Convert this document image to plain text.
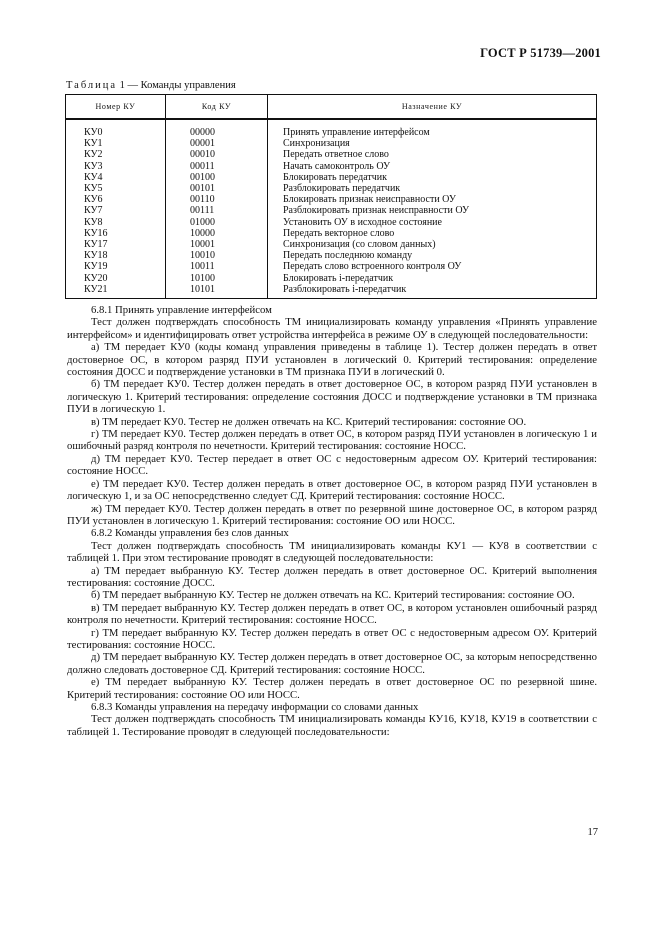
ГОСТ Р 51739—2001
Таблица 1 — Команды управления
Номер КУ	Код КУ	Назначение КУ
КУ0	00000	Принять управление интерфейсом
КУ1	00001	Синхронизация
КУ2	00010	Передать ответное слово
КУ3	00011	Начать самоконтроль ОУ
КУ4	00100	Блокировать передатчик
КУ5	00101	Разблокировать передатчик
КУ6	00110	Блокировать признак неисправности ОУ
КУ7	00111	Разблокировать признак неисправности ОУ
КУ8	01000	Установить ОУ в исходное состояние
КУ16	10000	Передать векторное слово
КУ17	10001	Синхронизация (со словом данных)
КУ18	10010	Передать последнюю команду
КУ19	10011	Передать слово встроенного контроля ОУ
КУ20	10100	Блокировать i-передатчик
КУ21	10101	Разблокировать i-передатчик

6.8.1 Принять управление интерфейсом

Тест должен подтверждать способность ТМ инициализировать команду управления «Принять управление интерфейсом» и идентифицировать ответ устройства интерфейса в режиме ОУ в следующей последовательности:

а) ТМ передает КУ0 (коды команд управления приведены в таблице 1). Тестер должен передать в ответ достоверное ОС, в котором разряд ПУИ установлен в логический 0. Критерий тестирования: определение состояния ДОСС и подтверждение установки в ТМ признака ПУИ в логический 0.

б) ТМ передает КУ0. Тестер должен передать в ответ достоверное ОС, в котором разряд ПУИ установлен в логическую 1. Критерий тестирования: определение состояния ДОСС и подтверждение установки в ТМ признака ПУИ в логическую 1.

в) ТМ передает КУ0. Тестер не должен отвечать на КС. Критерий тестирования: состояние ОО.

г) ТМ передает КУ0. Тестер должен передать в ответ ОС, в котором разряд ПУИ установлен в логическую 1 и ошибочный разряд контроля по нечетности. Критерий тестирования: состояние НОСС.

д) ТМ передает КУ0. Тестер передает в ответ ОС с недостоверным адресом ОУ. Критерий тестирования: состояние НОСС.

е) ТМ передает КУ0. Тестер должен передать в ответ достоверное ОС, в котором разряд ПУИ установлен в логическую 1, и за ОС непосредственно следует СД. Критерий тестирования: состояние НОСС.

ж) ТМ передает КУ0. Тестер должен передать в ответ по резервной шине достоверное ОС, в котором разряд ПУИ установлен в логическую 1. Критерий тестирования: состояние ОО или НОСС.

6.8.2 Команды управления без слов данных

Тест должен подтверждать способность ТМ инициализировать команды КУ1 — КУ8 в соответствии с таблицей 1. При этом тестирование проводят в следующей последовательности:

а) ТМ передает выбранную КУ. Тестер должен передать в ответ достоверное ОС. Критерий выполнения тестирования: состояние ДОСС.

б) ТМ передает выбранную КУ. Тестер не должен отвечать на КС. Критерий тестирования: состояние ОО.

в) ТМ передает выбранную КУ. Тестер должен передать в ответ ОС, в котором установлен ошибочный разряд контроля по нечетности. Критерий тестирования: состояние НОСС.

г) ТМ передает выбранную КУ. Тестер должен передать в ответ ОС с недостоверным адресом ОУ. Критерий тестирования: состояние НОСС.

д) ТМ передает выбранную КУ. Тестер должен передать в ответ достоверное ОС, за которым непосредственно должно следовать достоверное СД. Критерий тестирования: состояние НОСС.

е) ТМ передает выбранную КУ. Тестер должен передать в ответ достоверное ОС по резервной шине. Критерий тестирования: состояние ОО или НОСС.

6.8.3 Команды управления на передачу информации со словами данных

Тест должен подтверждать способность ТМ инициализировать команды КУ16, КУ18, КУ19 в соответствии с таблицей 1. Тестирование проводят в следующей последовательности:

17
